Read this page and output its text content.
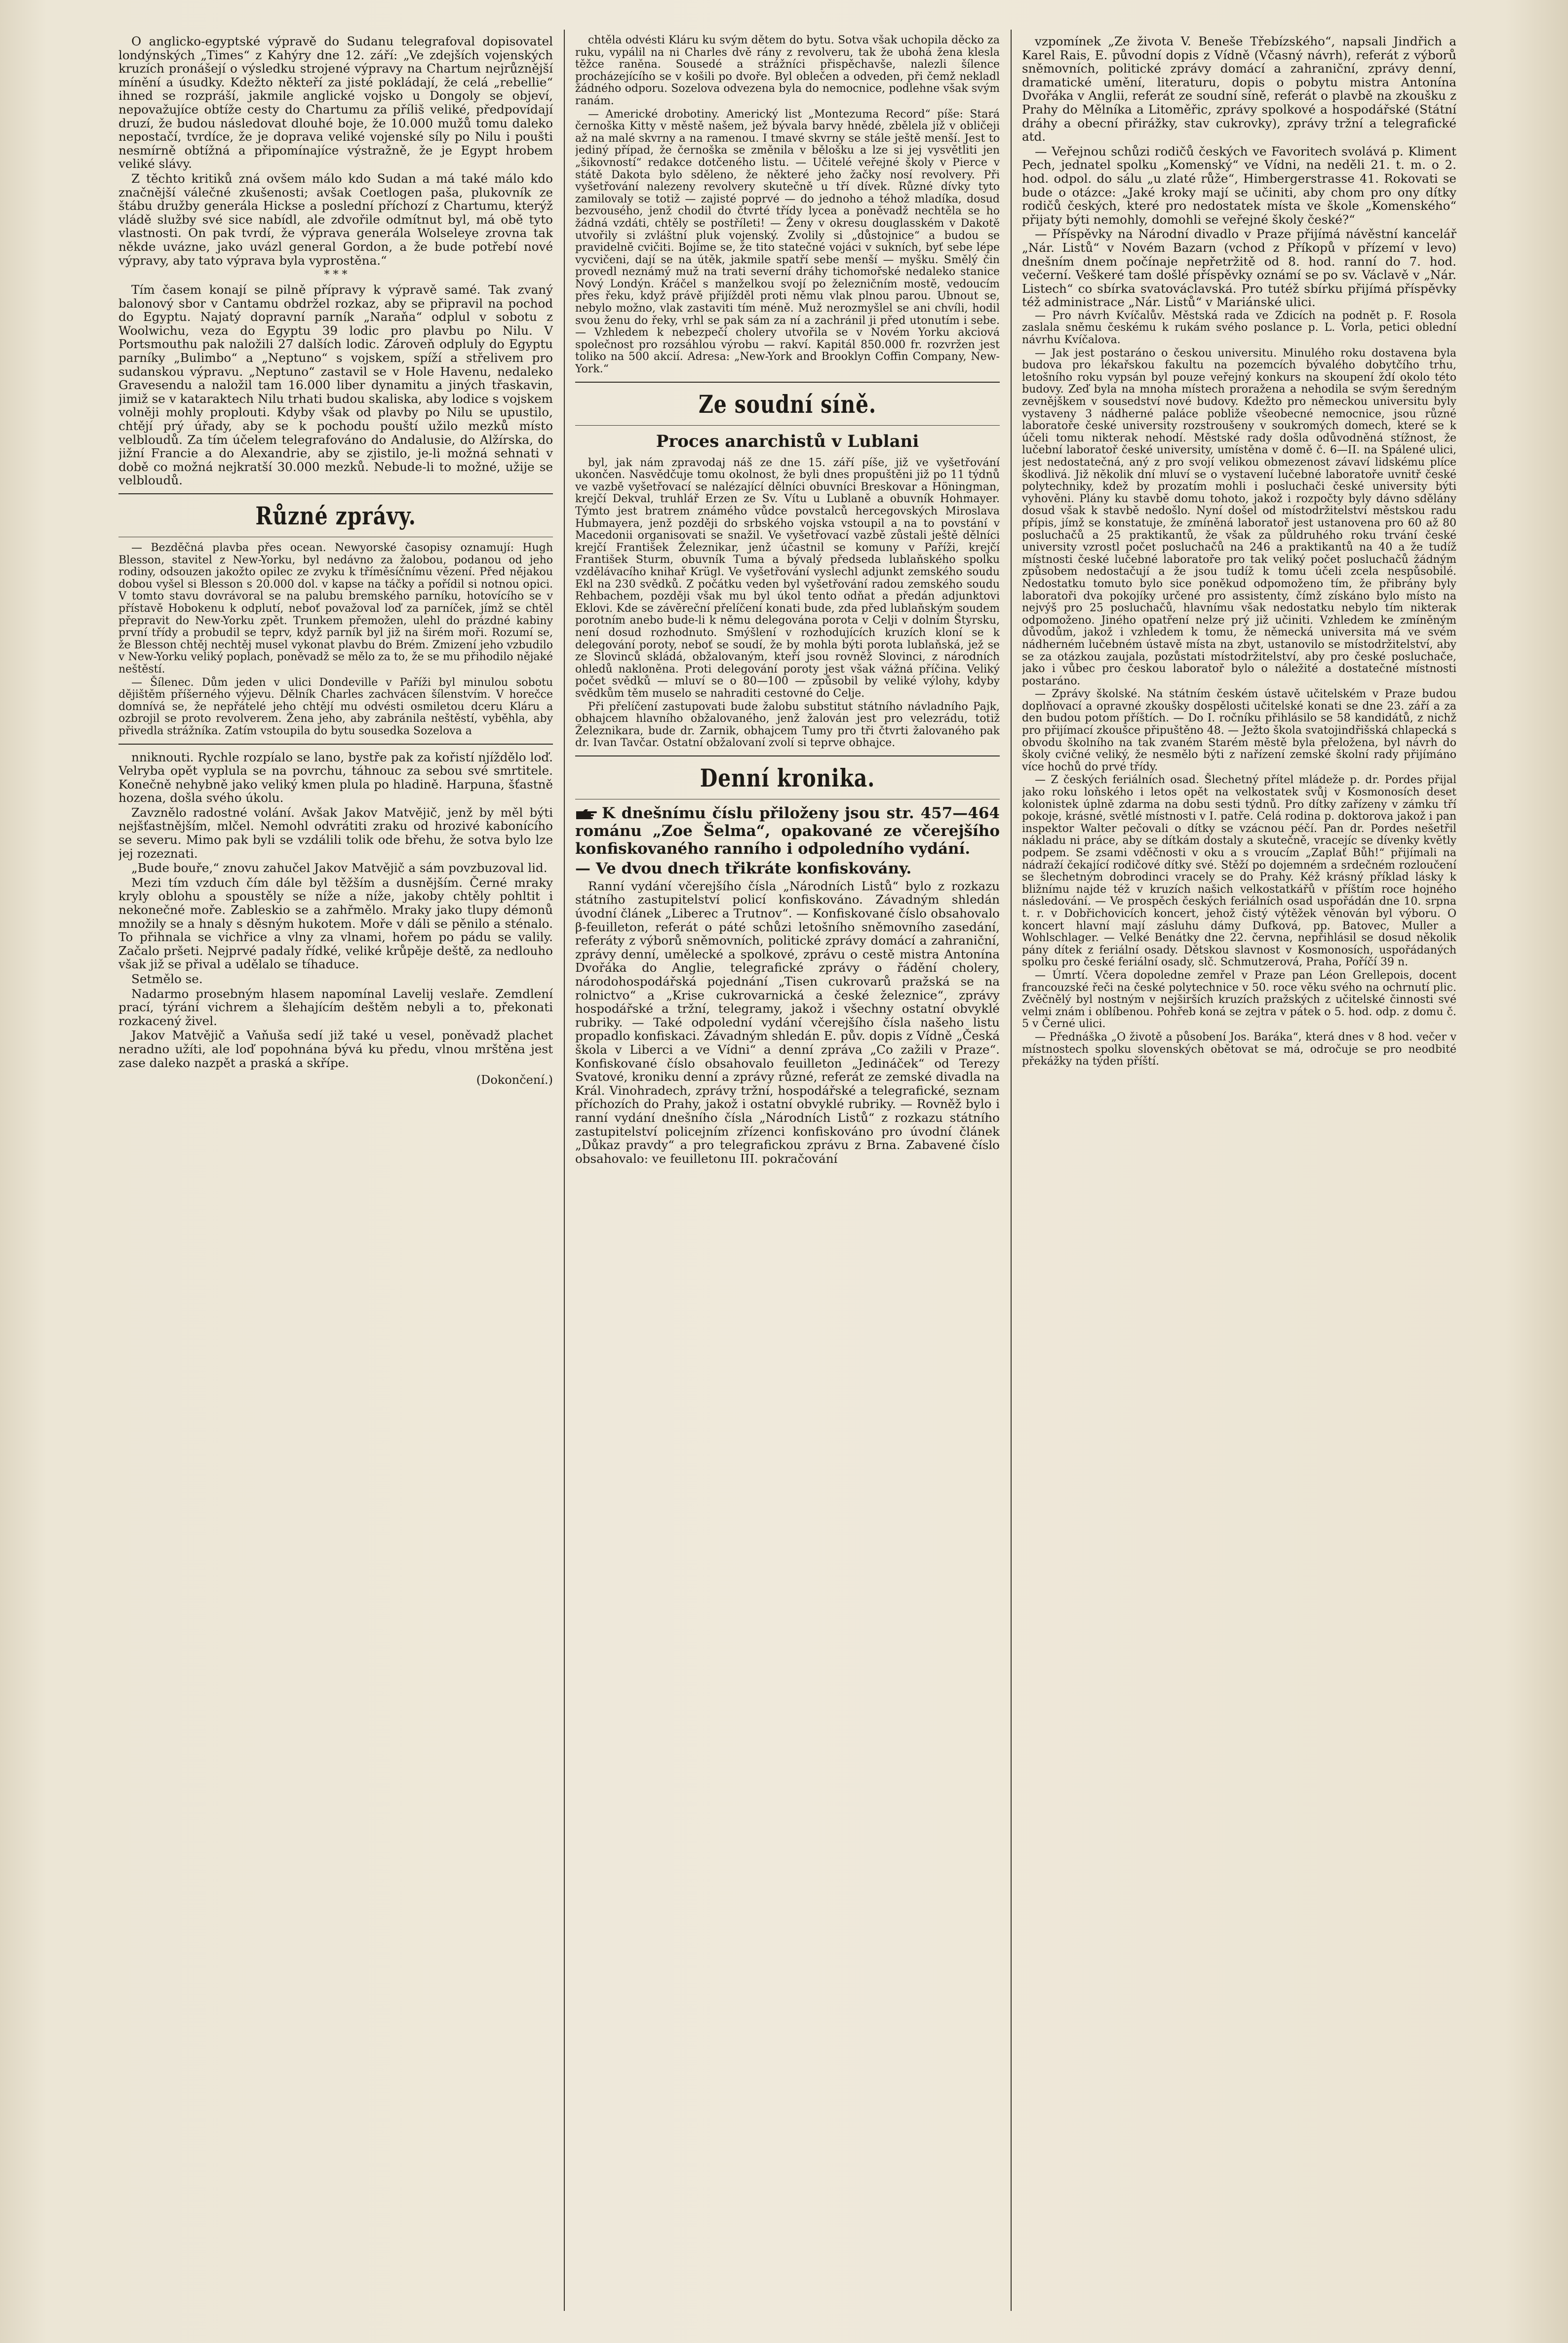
O anglicko-egyptské výpravě do Sudanu telegrafoval dopisovatel londýnských „Times“ z Kahýry dne 12. září: „Ve zdejších vojenských kruzích pronášejí o výsledku strojené výpravy na Chartum nejrůznější mínění a úsudky. Kdežto někteří za jisté pokládají, že celá „rebellie“ ihned se rozpráší, jakmile anglické vojsko u Dongoly se objeví, nepovažujíce obtíže cesty do Chartumu za příliš veliké, předpovídají druzí, že budou následovat dlouhé boje, že 10.000 mužů tomu daleko nepostačí, tvrdíce, že je doprava veliké vojenské síly po Nilu i poušti nesmírně obtížná a připomínajíce výstražně, že je Egypt hrobem veliké slávy.

Z těchto kritiků zná ovšem málo kdo Sudan a má také málo kdo značnější válečné zkušenosti; avšak Coetlogen paša, plukovník ze štábu družby generála Hickse a poslední příchozí z Chartumu, kterýž vládě služby své sice nabídl, ale zdvořile odmítnut byl, má obě tyto vlastnosti. On pak tvrdí, že výprava generála Wolseleye zrovna tak někde uvázne, jako uvázl general Gordon, a že bude potřebí nové výpravy, aby tato výprava byla vyprostěna.“

* * *

Tím časem konají se pilně přípravy k výpravě samé. Tak zvaný balonový sbor v Cantamu obdržel rozkaz, aby se připravil na pochod do Egyptu. Najatý dopravní parník „Naraňa“ odplul v sobotu z Woolwichu, veza do Egyptu 39 lodic pro plavbu po Nilu. V Portsmouthu pak naložili 27 dalších lodic. Zároveň odpluly do Egyptu parníky „Bulimbo“ a „Neptuno“ s vojskem, spíží a střelivem pro sudanskou výpravu. „Neptuno“ zastavil se v Hole Havenu, nedaleko Gravesendu a naložil tam 16.000 liber dynamitu a jiných třaskavin, jimiž se v kataraktech Nilu trhati budou skaliska, aby lodice s vojskem volněji mohly proplouti. Kdyby však od plavby po Nilu se upustilo, chtějí prý úřady, aby se k pochodu pouští užilo mezků místo velbloudů. Za tím účelem telegrafováno do Andalusie, do Alžírska, do jižní Francie a do Alexandrie, aby se zjistilo, je-li možná sehnati v době co možná nejkratší 30.000 mezků. Nebude-li to možné, užije se velbloudů.

Různé zprávy.

— Bezděčná plavba přes ocean. Newyorské časopisy oznamují: Hugh Blesson, stavitel z New-Yorku, byl nedávno za žalobou, podanou od jeho rodiny, odsouzen jakožto opilec ze zvyku k tříměsíčnímu vězení. Před nějakou dobou vyšel si Blesson s 20.000 dol. v kapse na táčky a pořídil si notnou opici. V tomto stavu dovrávoral se na palubu bremského parníku, hotovícího se v přístavě Hobokenu k odplutí, neboť považoval loď za parníček, jímž se chtěl přepravit do New-Yorku zpět. Trunkem přemožen, ulehl do prázdné kabiny první třídy a probudil se teprv, když parník byl již na širém moři. Rozumí se, že Blesson chtěj nechtěj musel vykonat plavbu do Brém. Zmizení jeho vzbudilo v New-Yorku veliký poplach, poněvadž se mělo za to, že se mu přihodilo nějaké neštěstí.

— Šílenec. Dům jeden v ulici Dondeville v Paříži byl minulou sobotu dějištěm příšerného výjevu. Dělník Charles zachvácen šílenstvím. V horečce domnívá se, že nepřátelé jeho chtějí mu odvésti osmiletou dceru Kláru a ozbrojil se proto revolverem. Žena jeho, aby zabránila neštěstí, vyběhla, aby přivedla strážníka. Zatím vstoupila do bytu sousedka Sozelova a

nniknouti. Rychle rozpíalo se lano, bystře pak za kořistí njíždělo loď. Velryba opět vyplula se na povrchu, táhnouc za sebou své smrtitele. Konečně nehybně jako veliký kmen plula po hladině. Harpuna, šťastně hozena, došla svého úkolu.

Zavznělo radostné volání. Avšak Jakov Matvějič, jenž by měl býti nejšťastnějším, mlčel. Nemohl odvrátiti zraku od hrozivé kabonícího se severu. Mimo pak byli se vzdálili tolik ode břehu, že sotva bylo lze jej rozeznati.

„Bude bouře,“ znovu zahučel Jakov Matvějič a sám povzbuzoval lid.

Mezi tím vzduch čím dále byl těžším a dusnějším. Černé mraky kryly oblohu a spoustěly se níže a níže, jakoby chtěly pohltit i nekonečné moře. Zableskio se a zahřmělo. Mraky jako tlupy démonů množily se a hnaly s děsným hukotem. Moře v dáli se pěnilo a sténalo. To přihnala se vichřice a vlny za vlnami, hořem po pádu se valily. Začalo pršeti. Nejprvé padaly řídké, veliké krůpěje deště, za nedlouho však již se přival a udělalo se tíhaduce.

Setmělo se.

Nadarmo prosebným hlasem napomínal Lavelij veslaře. Zemdlení prací, týrání vichrem a šlehajícím deštěm nebyli a to, překonati rozkacený živel.

Jakov Matvějič a Vaňuša sedí již také u vesel, poněvadž plachet neradno užíti, ale loď popohnána bývá ku předu, vlnou mrštěna jest zase daleko nazpět a praská a skřípe.

(Dokončení.)

chtěla odvésti Kláru ku svým dětem do bytu. Sotva však uchopila děcko za ruku, vypálil na ni Charles dvě rány z revolveru, tak že ubohá žena klesla těžce raněna. Sousedé a strážníci přispěchavše, nalezli šílence procházejícího se v košili po dvoře. Byl oblečen a odveden, při čemž nekladl žádného odporu. Sozelova odvezena byla do nemocnice, podlehne však svým ranám.

— Americké drobotiny. Americký list „Montezuma Record“ píše: Stará černoška Kitty v městě našem, jež bývala barvy hnědé, zbělela již v obličeji až na malé skvrny a na ramenou. I tmavé skvrny se stále ještě menší. Jest to jediný případ, že černoška se změnila v bělošku a lze si jej vysvětliti jen „šikovností“ redakce dotčeného listu. — Učitelé veřejné školy v Pierce v státě Dakota bylo sděleno, že některé jeho žačky nosí revolvery. Při vyšetřování nalezeny revolvery skutečně u tří dívek. Různé dívky tyto zamilovaly se totiž — zajisté poprvé — do jednoho a téhož mladíka, dosud bezvousého, jenž chodil do čtvrté třídy lycea a poněvadž nechtěla se ho žádná vzdáti, chtěly se postříleti! — Ženy v okresu douglasském v Dakotě utvořily si zvláštní pluk vojenský. Zvolily si „důstojnice“ a budou se pravidelně cvičiti. Bojíme se, že tito statečné vojáci v sukních, byť sebe lépe vycvičeni, dají se na útěk, jakmile spatří sebe menší — myšku. Smělý čin provedl neznámý muž na trati severní dráhy tichomořské nedaleko stanice Nový Londýn. Kráčel s manželkou svojí po železničním mostě, vedoucím přes řeku, když právě přijížděl proti němu vlak plnou parou. Ubnout se, nebylo možno, vlak zastaviti tím méně. Muž nerozmyšlel se ani chvíli, hodil svou ženu do řeky, vrhl se pak sám za ní a zachránil ji před utonutím i sebe. — Vzhledem k nebezpečí cholery utvořila se v Novém Yorku akciová společnost pro rozsáhlou výrobu — rakví. Kapitál 850.000 fr. rozvržen jest toliko na 500 akcií. Adresa: „New-York and Brooklyn Coffin Company, New-York.“

Ze soudní síně.
Proces anarchistů v Lublani

byl, jak nám zpravodaj náš ze dne 15. září píše, již ve vyšetřování ukončen. Nasvědčuje tomu okolnost, že byli dnes propuštěni již po 11 týdnů ve vazbě vyšetřovací se nalézající dělníci obuvníci Breskovar a Höningman, krejčí Dekval, truhlář Erzen ze Sv. Vítu u Lublaně a obuvník Hohmayer. Týmto jest bratrem známého vůdce povstalců hercegovských Miroslava Hubmayera, jenž později do srbského vojska vstoupil a na to povstání v Macedonii organisovati se snažil. Ve vyšetřovací vazbě zůstali ještě dělníci krejčí František Železnikar, jenž účastnil se komuny v Paříži, krejčí František Sturm, obuvník Tuma a bývalý předseda lublaňského spolku vzdělávacího knihař Krügl. Ve vyšetřování vyslechl adjunkt zemského soudu Ekl na 230 svědků. Z počátku veden byl vyšetřování radou zemského soudu Rehbachem, později však mu byl úkol tento odňat a předán adjunktovi Eklovi. Kde se závěreční přelíčení konati bude, zda před lublaňským soudem porotním anebo bude-li k němu delegována porota v Celji v dolním Štyrsku, není dosud rozhodnuto. Smýšlení v rozhodujících kruzích kloní se k delegování poroty, neboť se soudí, že by mohla býti porota lublaňská, jež se ze Slovinců skládá, obžalovaným, kteří jsou rovněž Slovinci, z národních ohledů nakloněna. Proti delegování poroty jest však vážná příčina. Veliký počet svědků — mluví se o 80—100 — způsobil by veliké výlohy, kdyby svědkům těm muselo se nahraditi cestovné do Celje.

Při přelíčení zastupovati bude žalobu substitut státního návladního Pajk, obhajcem hlavního obžalovaného, jenž žalován jest pro velezrádu, totiž Železnikara, bude dr. Zarnik, obhajcem Tumy pro tři čtvrti žalovaného pak dr. Ivan Tavčar. Ostatní obžalovaní zvolí si teprve obhajce.

Denní kronika.
K dnešnímu číslu přiloženy jsou str. 457—464 románu „Zoe Šelma“, opakované ze včerejšího konfiskovaného ranního i odpoledního vydání.
— Ve dvou dnech třikráte konfiskovány.

Ranní vydání včerejšího čísla „Národních Listů“ bylo z rozkazu státního zastupitelství policí konfiskováno. Závadným shledán úvodní článek „Liberec a Trutnov“. — Konfiskované číslo obsahovalo β-feuilleton, referát o páté schůzi letošního sněmovního zasedání, referáty z výborů sněmovních, politické zprávy domácí a zahraniční, zprávy denní, umělecké a spolkové, zprávu o cestě mistra Antonína Dvořáka do Anglie, telegrafické zprávy o řádění cholery, národohospodářská pojednání „Tisen cukrovarů pražská se na rolnictvo“ a „Krise cukrovarnická a české železnice“, zprávy hospodářské a tržní, telegramy, jakož i všechny ostatní obvyklé rubriky. — Také odpolední vydání včerejšího čísla našeho listu propadlo konfiskaci. Závadným shledán E. pův. dopis z Vídně „Česká škola v Liberci a ve Vídni“ a denní zpráva „Co zažili v Praze“. Konfiskované číslo obsahovalo feuilleton „Jedináček“ od Terezy Svatové, kroniku denní a zprávy různé, referát ze zemské divadla na Král. Vinohradech, zprávy tržní, hospodářské a telegrafické, seznam příchozích do Prahy, jakož i ostatní obvyklé rubriky. — Rovněž bylo i ranní vydání dnešního čísla „Národních Listů“ z rozkazu státního zastupitelství policejním zřízenci konfiskováno pro úvodní článek „Důkaz pravdy“ a pro telegrafickou zprávu z Brna. Zabavené číslo obsahovalo: ve feuilletonu III. pokračování

vzpomínek „Ze života V. Beneše Třebízského“, napsali Jindřich a Karel Rais, E. původní dopis z Vídně (Včasný návrh), referát z výborů sněmovních, politické zprávy domácí a zahraniční, zprávy denní, dramatické umění, literaturu, dopis o pobytu mistra Antonína Dvořáka v Anglii, referát ze soudní síně, referát o plavbě na zkoušku z Prahy do Mělníka a Litoměřic, zprávy spolkové a hospodářské (Státní dráhy a obecní přirážky, stav cukrovky), zprávy tržní a telegrafické atd.

— Veřejnou schůzi rodičů českých ve Favoritech svolává p. Kliment Pech, jednatel spolku „Komenský“ ve Vídni, na neděli 21. t. m. o 2. hod. odpol. do sálu „u zlaté růže“, Himbergerstrasse 41. Rokovati se bude o otázce: „Jaké kroky mají se učiniti, aby chom pro ony dítky rodičů českých, které pro nedostatek místa ve škole „Komenského“ přijaty býti nemohly, domohli se veřejné školy české?“

— Příspěvky na Národní divadlo v Praze přijímá návěstní kancelář „Nár. Listů“ v Novém Bazarn (vchod z Příkopů v přízemí v levo) dnešním dnem počínaje nepřetržitě od 8. hod. ranní do 7. hod. večerní. Veškeré tam došlé příspěvky oznámí se po sv. Václavě v „Nár. Listech“ co sbírka svatováclavská. Pro tutéž sbírku přijímá příspěvky též administrace „Nár. Listů“ v Mariánské ulici.

— Pro návrh Kvíčalův. Městská rada ve Zdicích na podnět p. F. Rosola zaslala sněmu českému k rukám svého poslance p. L. Vorla, petici oblední návrhu Kvíčalova.

— Jak jest postaráno o českou universitu. Minulého roku dostavena byla budova pro lékařskou fakultu na pozemcích bývalého dobytčího trhu, letošního roku vypsán byl pouze veřejný konkurs na skoupení ždí okolo této budovy. Zeď byla na mnoha místech proražena a nehodila se svým šeredným zevnějškem v sousedství nové budovy. Kdežto pro německou universitu byly vystaveny 3 nádherné paláce pobliže všeobecné nemocnice, jsou různé laboratoře české university rozstroušeny v soukromých domech, které se k účeli tomu nikterak nehodí. Městské rady došla odůvodněná stížnost, že lučební laboratoř české university, umístěna v domě č. 6—II. na Spálené ulici, jest nedostatečná, aný z pro svojí velikou obmezenost závaví lidskému plíce škodlivá. Již několik dní mluví se o vystavení lučebné laboratoře uvnitř české polytechniky, kdež by prozatím mohli i posluchači české university býti vyhověni. Plány ku stavbě domu tohoto, jakož i rozpočty byly dávno sdělány dosud však k stavbě nedošlo. Nyní došel od místodržitelství městskou radu přípis, jímž se konstatuje, že zmíněná laboratoř jest ustanovena pro 60 až 80 posluchačů a 25 praktikantů, že však za půldruhého roku trvání české university vzrostl počet posluchačů na 246 a praktikantů na 40 a že tudíž místnosti české lučebné laboratoře pro tak veliký počet posluchačů žádným způsobem nedostačují a že jsou tudíž k tomu účeli zcela nespůsobilé. Nedostatku tomuto bylo sice poněkud odpomoženo tím, že přibrány byly laboratoři dva pokojíky určené pro assistenty, čímž získáno bylo místo na nejvýš pro 25 posluchačů, hlavnímu však nedostatku nebylo tím nikterak odpomoženo. Jiného opatření nelze prý již učiniti. Vzhledem ke zmíněným důvodům, jakož i vzhledem k tomu, že německá universita má ve svém nádherném lučebném ústavě místa na zbyt, ustanovilo se místodržitelství, aby se za otázkou zaujala, pozůstati místodržitelství, aby pro české posluchače, jako i vůbec pro českou laboratoř bylo o náležité a dostatečné místnosti postaráno.

— Zprávy školské. Na státním českém ústavě učitelském v Praze budou doplňovací a opravné zkoušky dospělosti učitelské konati se dne 23. září a za den budou potom příštích. — Do I. ročníku přihlásilo se 58 kandidátů, z nichž pro přijímací zkoušce připuštěno 48. — Ježto škola svatojindřišská chlapecká s obvodu školního na tak zvaném Starém městě byla přeložena, byl návrh do školy cvičné veliký, že nesmělo býti z nařízení zemské školní rady přijímáno více hochů do prvé třídy.

— Z českých feriálních osad. Šlechetný přítel mládeže p. dr. Pordes přijal jako roku loňského i letos opět na velkostatek svůj v Kosmonosích deset kolonistek úplně zdarma na dobu sesti týdnů. Pro dítky zařízeny v zámku tří pokoje, krásné, světlé místnosti v I. patře. Celá rodina p. doktorova jakož i pan inspektor Walter pečovali o dítky se vzácnou péčí. Pan dr. Pordes nešetřil nákladu ni práce, aby se dítkám dostaly a skutečně, vracejíc se dívenky květly podpem. Se zsami vděčnosti v oku a s vroucím „Zaplať Bůh!“ přijímali na nádraží čekající rodičové dítky své. Stěží po dojemném a srdečném rozloučení se šlechetným dobrodinci vracely se do Prahy. Kéž krásný příklad lásky k bližnímu najde též v kruzích našich velkostatkářů v příštím roce hojného následování. — Ve prospěch českých feriálních osad uspořádán dne 10. srpna t. r. v Dobřichovicích koncert, jehož čistý výtěžek věnován byl výboru. O koncert hlavní mají zásluhu dámy Dufková, pp. Batovec, Muller a Wohlschlager. — Velké Benátky dne 22. června, nepřihlásil se dosud několik pány dítek z feriální osady. Dětskou slavnost v Kosmonosích, uspořádaných spolku pro české feriální osady, slč. Schmutzerová, Praha, Poříčí 39 n.

— Úmrtí. Včera dopoledne zemřel v Praze pan Léon Grellepois, docent francouzské řeči na české polytechnice v 50. roce věku svého na ochrnutí plic. Zvěčnělý byl nostným v nejširších kruzích pražských z učitelské činnosti své velmi znám i oblíbenou. Pohřeb koná se zejtra v pátek o 5. hod. odp. z domu č. 5 v Černé ulici.

— Přednáška „O životě a působení Jos. Baráka“, která dnes v 8 hod. večer v místnostech spolku slovenských obětovat se má, odročuje se pro neodbité překážky na týden příští.
